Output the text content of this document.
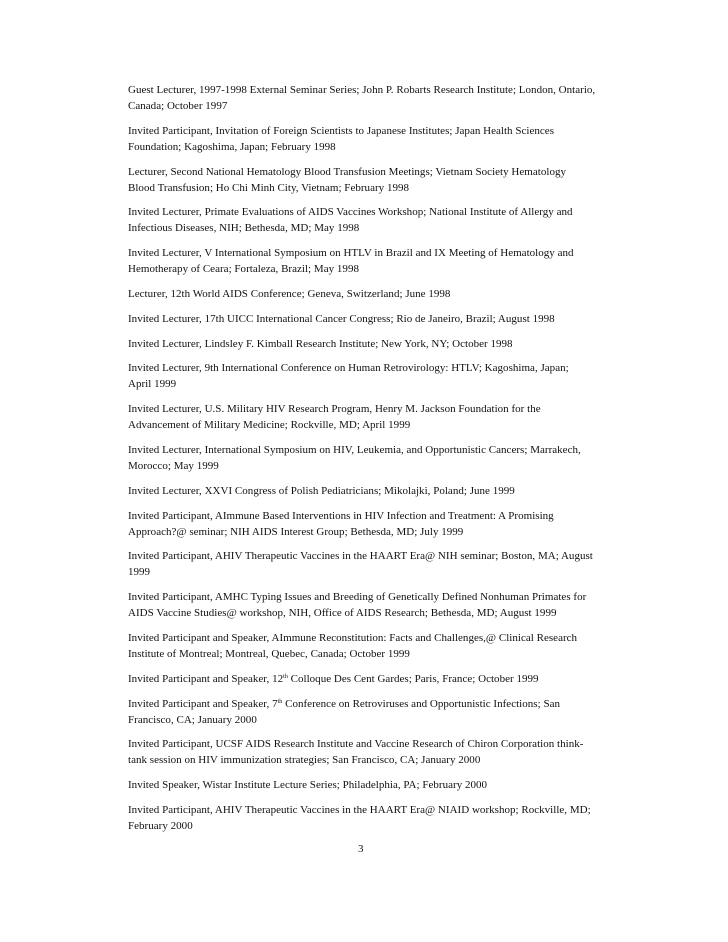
Guest Lecturer, 1997-1998 External Seminar Series; John P. Robarts Research Institute; London, Ontario,
Canada; October 1997

Invited Participant, Invitation of Foreign Scientists to Japanese Institutes; Japan Health Sciences
Foundation; Kagoshima, Japan; February 1998

Lecturer, Second National Hematology Blood Transfusion Meetings; Vietnam Society Hematology
Blood Transfusion; Ho Chi Minh City, Vietnam; February 1998

Invited Lecturer, Primate Evaluations of AIDS Vaccines Workshop; National Institute of Allergy and
Infectious Diseases, NIH; Bethesda, MD; May 1998

Invited Lecturer, V International Symposium on HTLV in Brazil and IX Meeting of Hematology and
Hemotherapy of Ceara; Fortaleza, Brazil; May 1998

Lecturer, 12th World AIDS Conference; Geneva, Switzerland; June 1998

Invited Lecturer, 17th UICC International Cancer Congress; Rio de Janeiro, Brazil; August 1998

Invited Lecturer, Lindsley F. Kimball Research Institute; New York, NY; October 1998

Invited Lecturer, 9th International Conference on Human Retrovirology: HTLV; Kagoshima, Japan;
April 1999

Invited Lecturer, U.S. Military HIV Research Program, Henry M. Jackson Foundation for the
Advancement of Military Medicine; Rockville, MD; April 1999

Invited Lecturer, International Symposium on HIV, Leukemia, and Opportunistic Cancers; Marrakech,
Morocco; May 1999

Invited Lecturer, XXVI Congress of Polish Pediatricians; Mikolajki, Poland; June 1999

Invited Participant, AImmune Based Interventions in HIV Infection and Treatment: A Promising
Approach?@ seminar; NIH AIDS Interest Group; Bethesda, MD; July 1999

Invited Participant, AHIV Therapeutic Vaccines in the HAART Era@ NIH seminar; Boston, MA; August
1999

Invited Participant, AMHC Typing Issues and Breeding of Genetically Defined Nonhuman Primates for
AIDS Vaccine Studies@ workshop, NIH, Office of AIDS Research; Bethesda, MD; August 1999

Invited Participant and Speaker, AImmune Reconstitution: Facts and Challenges,@ Clinical Research
Institute of Montreal; Montreal, Quebec, Canada; October 1999

Invited Participant and Speaker, 12th Colloque Des Cent Gardes; Paris, France; October 1999

Invited Participant and Speaker, 7th Conference on Retroviruses and Opportunistic Infections; San
Francisco, CA; January 2000

Invited Participant, UCSF AIDS Research Institute and Vaccine Research of Chiron Corporation think-
tank session on HIV immunization strategies; San Francisco, CA; January 2000

Invited Speaker, Wistar Institute Lecture Series; Philadelphia, PA; February 2000

Invited Participant, AHIV Therapeutic Vaccines in the HAART Era@ NIAID workshop; Rockville, MD;
February 2000

3
